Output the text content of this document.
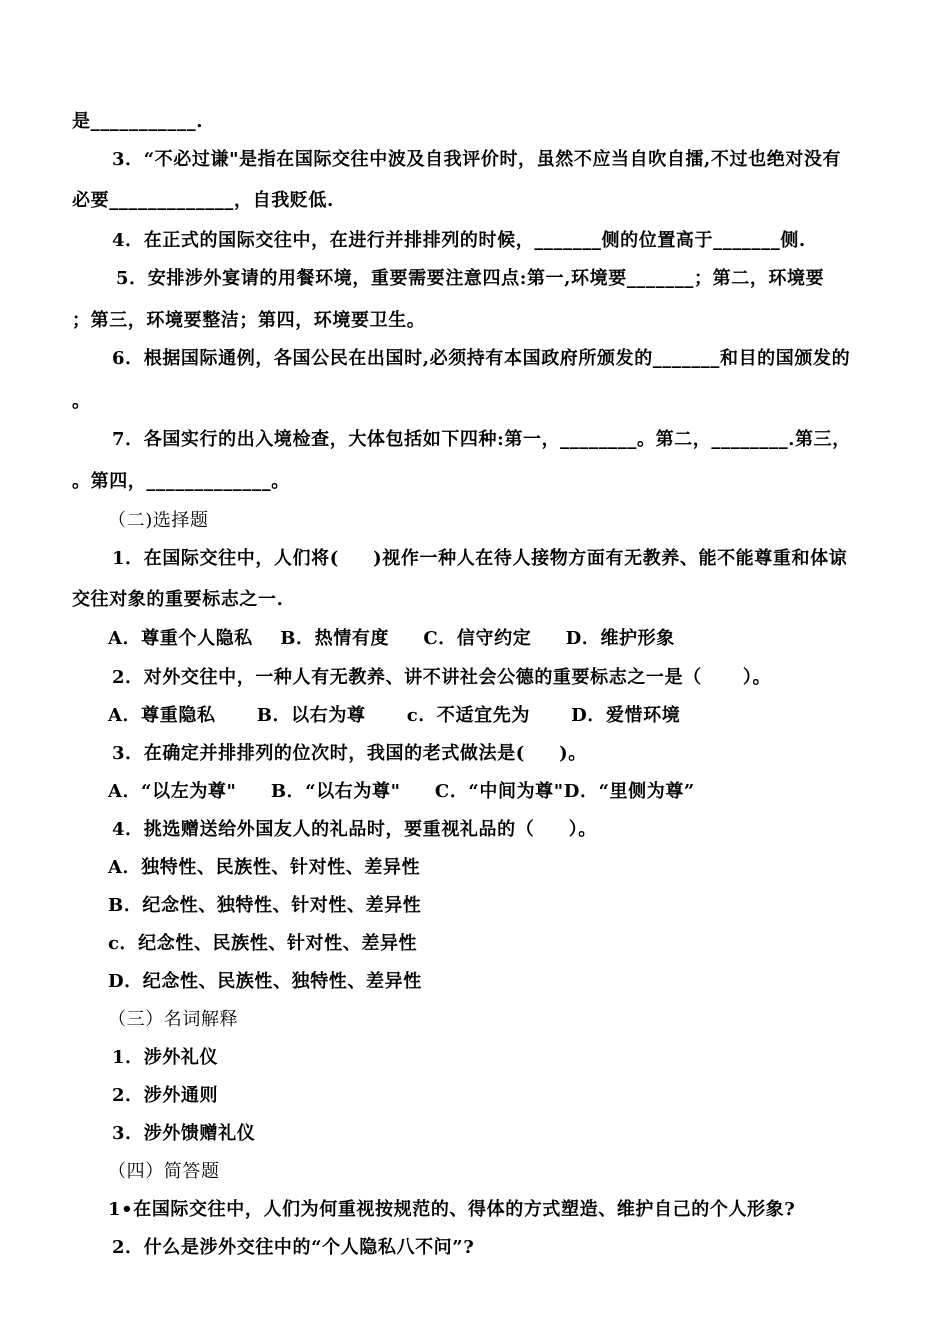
是___________.
3．“不必过谦"是指在国际交往中波及自我评价时，虽然不应当自吹自擂,不过也绝对没有
必要_____________，自我贬低.
4．在正式的国际交往中，在进行并排排列的时候，_______侧的位置高于_______侧.
5．安排涉外宴请的用餐环境，重要需要注意四点:第一,环境要_______；第二，环境要
；第三，环境要整洁；第四，环境要卫生。
6．根据国际通例，各国公民在出国时,必须持有本国政府所颁发的_______和目的国颁发的
。
7．各国实行的出入境检查，大体包括如下四种:第一，________。第二，________.第三，
。第四，_____________。
（二)选择题
1．在国际交往中，人们将(     )视作一种人在待人接物方面有无教养、能不能尊重和体谅
交往对象的重要标志之一.
A．尊重个人隐私    B．热情有度     C．信守约定     D．维护形象
2．对外交往中，一种人有无教养、讲不讲社会公德的重要标志之一是（      ）。
A．尊重隐私      B．以右为尊      c．不适宜先为      D．爱惜环境
3．在确定并排排列的位次时，我国的老式做法是(     )。
A．“以左为尊"     B．“以右为尊"     C．“中间为尊"D．“里侧为尊”
4．挑选赠送给外国友人的礼品时，要重视礼品的（     ）。
A．独特性、民族性、针对性、差异性
B．纪念性、独特性、针对性、差异性
c．纪念性、民族性、针对性、差异性
D．纪念性、民族性、独特性、差异性
（三）名词解释
1．涉外礼仪
2．涉外通则
3．涉外馈赠礼仪
（四）简答题
1•在国际交往中，人们为何重视按规范的、得体的方式塑造、维护自己的个人形象?
2．什么是涉外交往中的“个人隐私八不问”?
